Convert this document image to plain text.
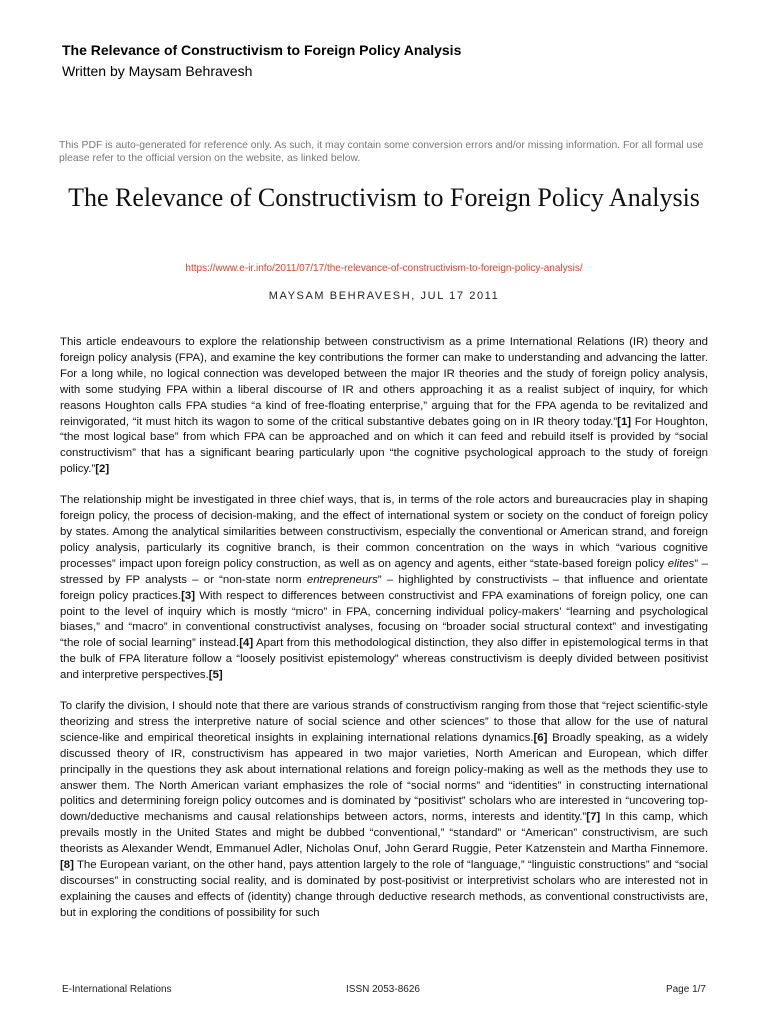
The Relevance of Constructivism to Foreign Policy Analysis
Written by Maysam Behravesh
This PDF is auto-generated for reference only. As such, it may contain some conversion errors and/or missing information. For all formal use please refer to the official version on the website, as linked below.
The Relevance of Constructivism to Foreign Policy Analysis
https://www.e-ir.info/2011/07/17/the-relevance-of-constructivism-to-foreign-policy-analysis/
MAYSAM BEHRAVESH, JUL 17 2011

This article endeavours to explore the relationship between constructivism as a prime International Relations (IR) theory and foreign policy analysis (FPA), and examine the key contributions the former can make to understanding and advancing the latter. For a long while, no logical connection was developed between the major IR theories and the study of foreign policy analysis, with some studying FPA within a liberal discourse of IR and others approaching it as a realist subject of inquiry, for which reasons Houghton calls FPA studies “a kind of free-floating enterprise,” arguing that for the FPA agenda to be revitalized and reinvigorated, “it must hitch its wagon to some of the critical substantive debates going on in IR theory today.”[1] For Houghton, “the most logical base” from which FPA can be approached and on which it can feed and rebuild itself is provided by “social constructivism” that has a significant bearing particularly upon “the cognitive psychological approach to the study of foreign policy.”[2]

The relationship might be investigated in three chief ways, that is, in terms of the role actors and bureaucracies play in shaping foreign policy, the process of decision-making, and the effect of international system or society on the conduct of foreign policy by states. Among the analytical similarities between constructivism, especially the conventional or American strand, and foreign policy analysis, particularly its cognitive branch, is their common concentration on the ways in which “various cognitive processes” impact upon foreign policy construction, as well as on agency and agents, either “state-based foreign policy elites” – stressed by FP analysts – or “non-state norm entrepreneurs” – highlighted by constructivists – that influence and orientate foreign policy practices.[3] With respect to differences between constructivist and FPA examinations of foreign policy, one can point to the level of inquiry which is mostly “micro” in FPA, concerning individual policy-makers’ “learning and psychological biases,” and “macro” in conventional constructivist analyses, focusing on “broader social structural context” and investigating “the role of social learning” instead.[4] Apart from this methodological distinction, they also differ in epistemological terms in that the bulk of FPA literature follow a “loosely positivist epistemology” whereas constructivism is deeply divided between positivist and interpretive perspectives.[5]

To clarify the division, I should note that there are various strands of constructivism ranging from those that “reject scientific-style theorizing and stress the interpretive nature of social science and other sciences” to those that allow for the use of natural science-like and empirical theoretical insights in explaining international relations dynamics.[6] Broadly speaking, as a widely discussed theory of IR, constructivism has appeared in two major varieties, North American and European, which differ principally in the questions they ask about international relations and foreign policy-making as well as the methods they use to answer them. The North American variant emphasizes the role of “social norms” and “identities” in constructing international politics and determining foreign policy outcomes and is dominated by “positivist” scholars who are interested in “uncovering top-down/deductive mechanisms and causal relationships between actors, norms, interests and identity.”[7] In this camp, which prevails mostly in the United States and might be dubbed “conventional,” “standard” or “American” constructivism, are such theorists as Alexander Wendt, Emmanuel Adler, Nicholas Onuf, John Gerard Ruggie, Peter Katzenstein and Martha Finnemore.[8] The European variant, on the other hand, pays attention largely to the role of “language,” “linguistic constructions” and “social discourses” in constructing social reality, and is dominated by post-positivist or interpretivist scholars who are interested not in explaining the causes and effects of (identity) change through deductive research methods, as conventional constructivists are, but in exploring the conditions of possibility for such

E-International Relations	ISSN 2053-8626	Page 1/7
